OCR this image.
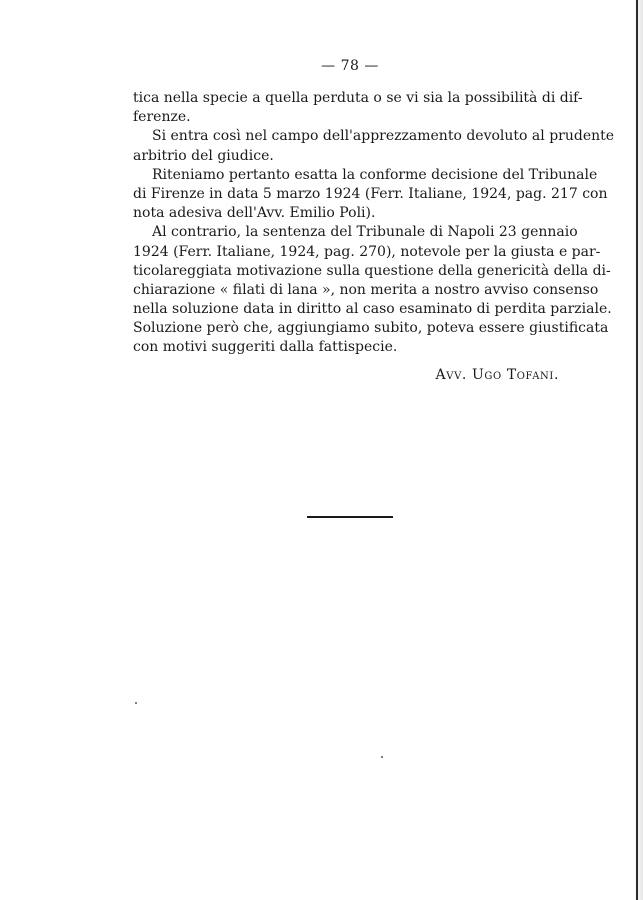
— 78 —
tica nella specie a quella perduta o se vi sia la possibilità di dif-
ferenze.
Si entra così nel campo dell'apprezzamento devoluto al prudente
arbitrio del giudice.
Riteniamo pertanto esatta la conforme decisione del Tribunale
di Firenze in data 5 marzo 1924 (Ferr. Italiane, 1924, pag. 217 con
nota adesiva dell'Avv. Emilio Poli).
Al contrario, la sentenza del Tribunale di Napoli 23 gennaio
1924 (Ferr. Italiane, 1924, pag. 270), notevole per la giusta e par-
ticolareggiata motivazione sulla questione della genericità della di-
chiarazione « filati di lana », non merita a nostro avviso consenso
nella soluzione data in diritto al caso esaminato di perdita parziale.
Soluzione però che, aggiungiamo subito, poteva essere giustificata
con motivi suggeriti dalla fattispecie.
Avv. Ugo Tofani.
